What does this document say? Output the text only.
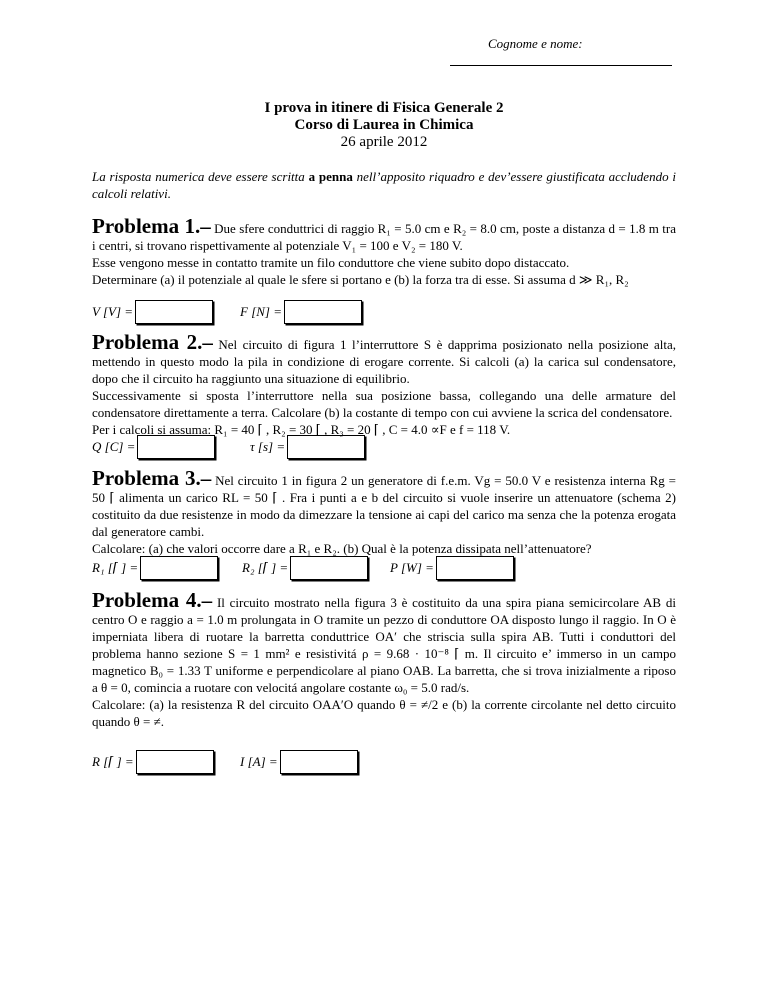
Cognome e nome:
I prova in itinere di Fisica Generale 2
Corso di Laurea in Chimica
26 aprile 2012
La risposta numerica deve essere scritta a penna nell’apposito riquadro e dev’essere giustificata accludendo i calcoli relativi.

Problema 1.– Due sfere conduttrici di raggio R₁ = 5.0 cm e R₂ = 8.0 cm, poste a distanza d = 1.8 m tra i centri, si trovano rispettivamente al potenziale V₁ = 100 e V₂ = 180 V.

Esse vengono messe in contatto tramite un filo conduttore che viene subito dopo distaccato.

Determinare (a) il potenziale al quale le sfere si portano e (b) la forza tra di esse. Si assuma d ≫ R₁, R₂

V [V] =	F [N] =

Problema 2.– Nel circuito di figura 1 l’interruttore S è dapprima posizionato nella posizione alta, mettendo in questo modo la pila in condizione di erogare corrente. Si calcoli (a) la carica sul condensatore, dopo che il circuito ha raggiunto una situazione di equilibrio.

Successivamente si sposta l’interruttore nella sua posizione bassa, collegando una delle armature del condensatore direttamente a terra. Calcolare (b) la costante di tempo con cui avviene la scrica del condensatore.

Per i calcoli si assuma: R₁ = 40 ⌈ , R₂ = 30 ⌈ , R₃ = 20 ⌈ , C = 4.0 ∝F e f = 118 V.

Q [C] =	τ [s] =

Problema 3.– Nel circuito 1 in figura 2 un generatore di f.e.m. Vg = 50.0 V e resistenza interna Rg = 50 ⌈ alimenta un carico RL = 50 ⌈ . Fra i punti a e b del circuito si vuole inserire un attenuatore (schema 2) costituito da due resistenze in modo da dimezzare la tensione ai capi del carico ma senza che la potenza erogata dal generatore cambi.

Calcolare: (a) che valori occorre dare a R₁ e R₂. (b) Qual è la potenza dissipata nell’attenuatore?

R₁ [⌈ ] =	R₂ [⌈ ] =	P [W] =

Problema 4.– Il circuito mostrato nella figura 3 è costituito da una spira piana semicircolare AB di centro O e raggio a = 1.0 m prolungata in O tramite un pezzo di conduttore OA disposto lungo il raggio. In O è imperniata libera di ruotare la barretta conduttrice OA′ che striscia sulla spira AB. Tutti i conduttori del problema hanno sezione S = 1 mm² e resistivitá ρ = 9.68 · 10⁻⁸ ⌈ m. Il circuito e’ immerso in un campo magnetico B₀ = 1.33 T uniforme e perpendicolare al piano OAB. La barretta, che si trova inizialmente a riposo a θ = 0, comincia a ruotare con velocitá angolare costante ω₀ = 5.0 rad/s.

Calcolare: (a) la resistenza R del circuito OAA′O quando θ = ≠/2 e (b) la corrente circolante nel detto circuito quando θ = ≠.

R [⌈ ] =	I [A] =
